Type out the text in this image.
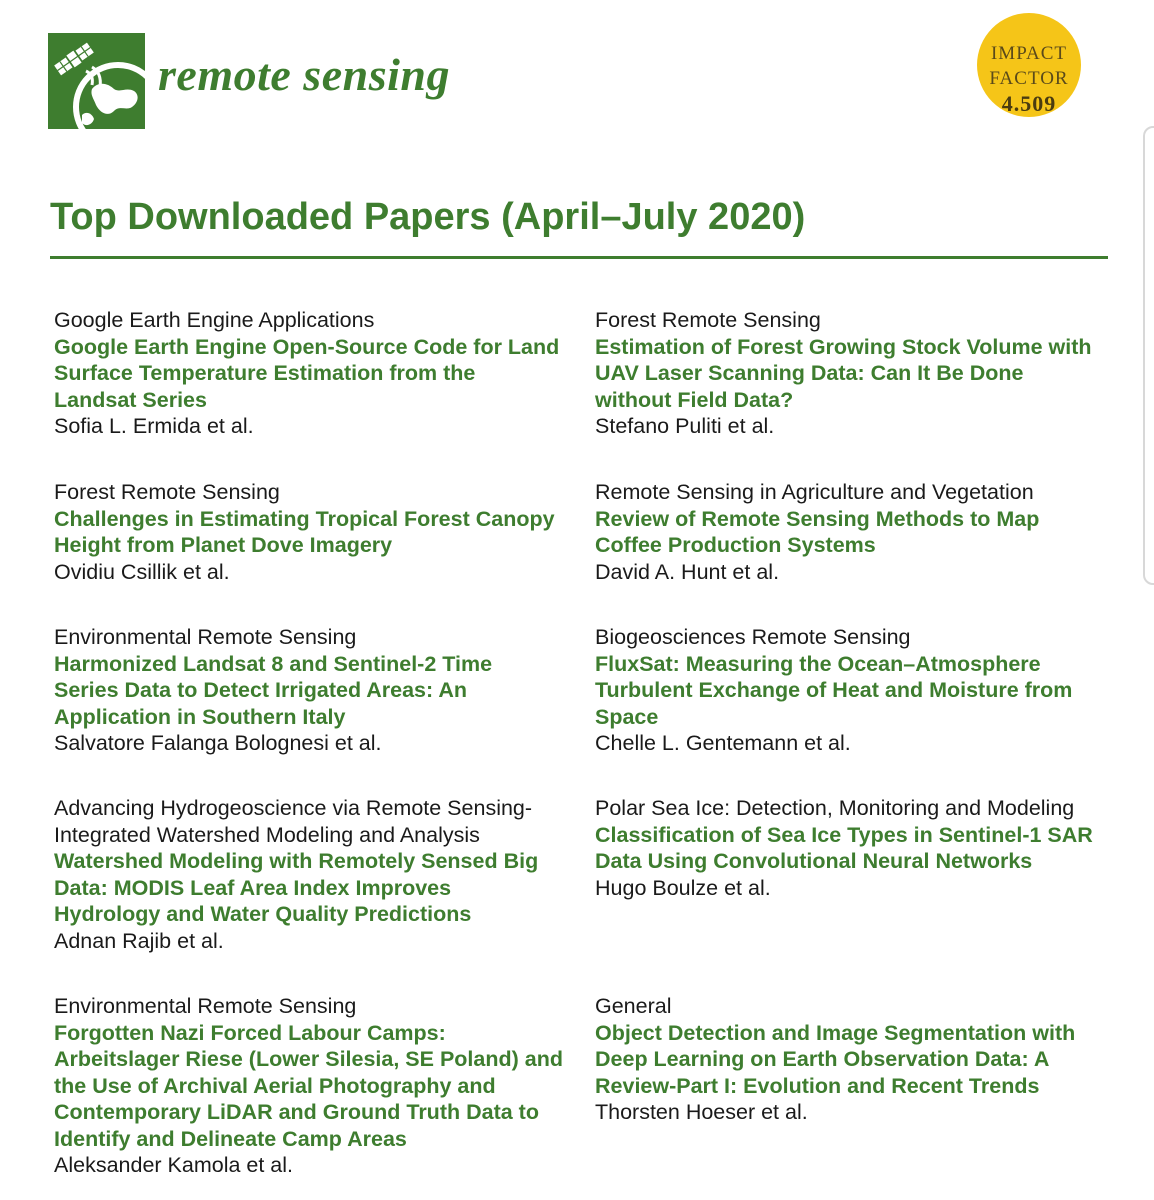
remote sensing	IMPACT
FACTOR
4.509
Top Downloaded Papers (April–July 2020)
Google Earth Engine Applications
Google Earth Engine Open-Source Code for Land
Surface Temperature Estimation from the
Landsat Series
Sofia L. Ermida et al.
Forest Remote Sensing
Challenges in Estimating Tropical Forest Canopy
Height from Planet Dove Imagery
Ovidiu Csillik et al.
Environmental Remote Sensing
Harmonized Landsat 8 and Sentinel-2 Time
Series Data to Detect Irrigated Areas: An
Application in Southern Italy
Salvatore Falanga Bolognesi et al.
Advancing Hydrogeoscience via Remote Sensing-
Integrated Watershed Modeling and Analysis
Watershed Modeling with Remotely Sensed Big
Data: MODIS Leaf Area Index Improves
Hydrology and Water Quality Predictions
Adnan Rajib et al.
Environmental Remote Sensing
Forgotten Nazi Forced Labour Camps:
Arbeitslager Riese (Lower Silesia, SE Poland) and
the Use of Archival Aerial Photography and
Contemporary LiDAR and Ground Truth Data to
Identify and Delineate Camp Areas
Aleksander Kamola et al.
Forest Remote Sensing
Estimation of Forest Growing Stock Volume with
UAV Laser Scanning Data: Can It Be Done
without Field Data?
Stefano Puliti et al.
Remote Sensing in Agriculture and Vegetation
Review of Remote Sensing Methods to Map
Coffee Production Systems
David A. Hunt et al.
Biogeosciences Remote Sensing
FluxSat: Measuring the Ocean–Atmosphere
Turbulent Exchange of Heat and Moisture from
Space
Chelle L. Gentemann et al.
Polar Sea Ice: Detection, Monitoring and Modeling
Classification of Sea Ice Types in Sentinel-1 SAR
Data Using Convolutional Neural Networks
Hugo Boulze et al.
General
Object Detection and Image Segmentation with
Deep Learning on Earth Observation Data: A
Review-Part I: Evolution and Recent Trends
Thorsten Hoeser et al.
